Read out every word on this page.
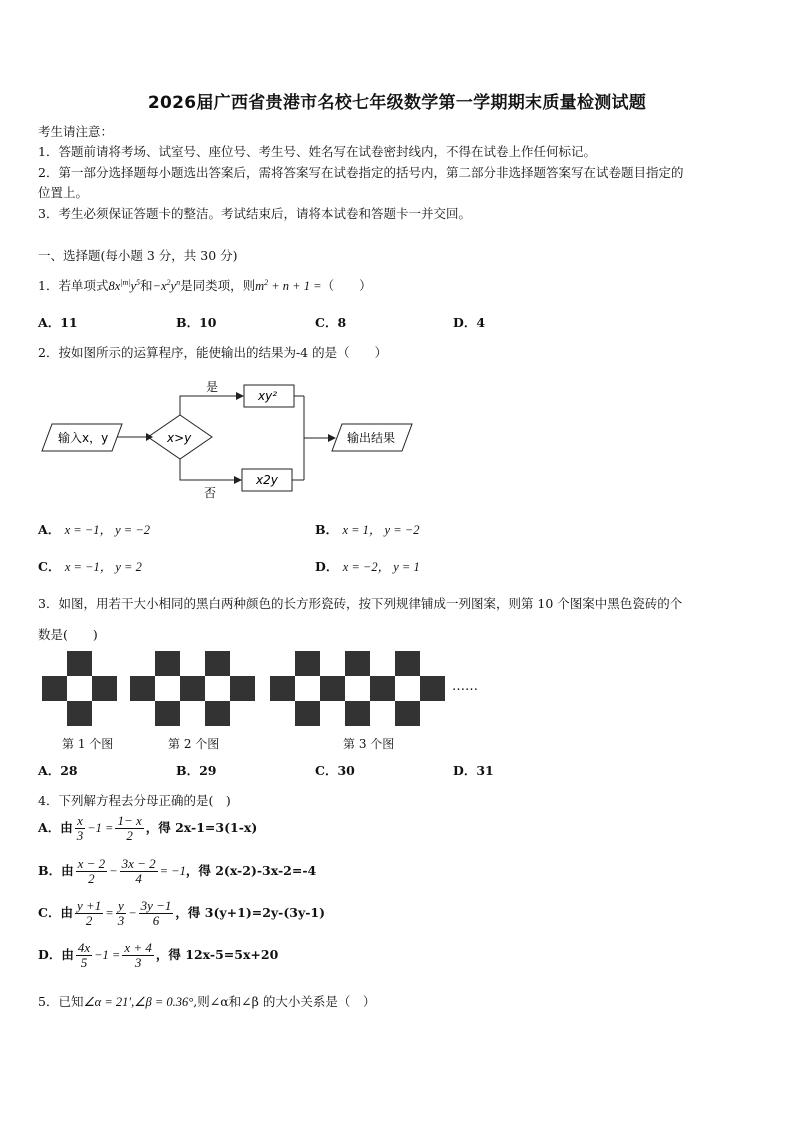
2026届广西省贵港市名校七年级数学第一学期期末质量检测试题
考生请注意：
1．答题前请将考场、试室号、座位号、考生号、姓名写在试卷密封线内，不得在试卷上作任何标记。
2．第一部分选择题每小题选出答案后，需将答案写在试卷指定的括号内，第二部分非选择题答案写在试卷题目指定的
位置上。
3．考生必须保证答题卡的整洁。考试结束后，请将本试卷和答题卡一并交回。
一、选择题(每小题 3 分，共 30 分)
1．若单项式$8x^{|m|}y^5$和$-x^2y^n$是同类项，则$m^2 + n + 1$ =（　　）
A．11	B．10	C．8	D．4
2．按如图所示的运算程序，能使输出的结果为-4 的是（　　）
输入x，y	x>y
是
xy²
否
x2y
输出结果
A． x = −1， y = −2	B． x = 1， y = −2
C． x = −1， y = 2	D． x = −2， y = 1
3．如图，用若干大小相同的黑白两种颜色的长方形瓷砖，按下列规律铺成一列图案，则第 10 个图案中黑色瓷砖的个
数是(　　)
……
第 1 个图	第 2 个图	第 3 个图
A．28	B．29	C．30	D．31
4．下列解方程去分母正确的是(　)
A．由 $\frac{x}{3} -1 = \frac{1- x}{2}$ ，得 2x-1=3(1-x)
B．由 $\frac{x - 2}{2} - \frac{3x - 2}{4} = -1$，得 2(x-2)-3x-2=-4
C．由 $\frac{y +1}{2} = \frac{y}{3} - \frac{3y -1}{6}$ ，得 3(y+1)=2y-(3y-1)
D．由 $\frac{4x}{5} -1 = \frac{x + 4}{3}$ ，得 12x-5=5x+20
5．已知∠α = 21′,∠β = 0.36°,则∠α和∠β 的大小关系是（　）
